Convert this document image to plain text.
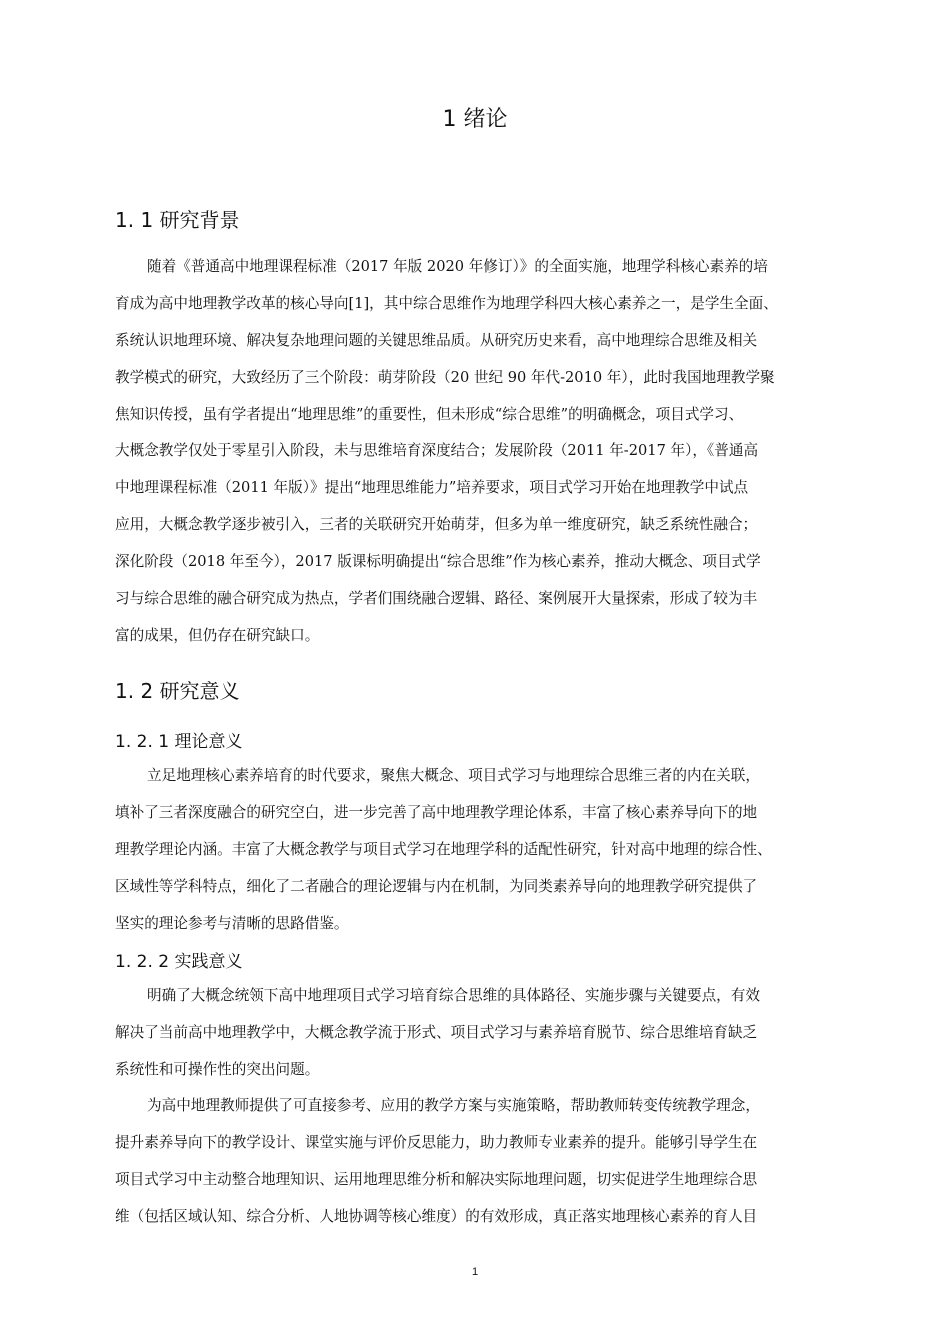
1 绪论
1. 1 研究背景
随着《普通高中地理课程标准（2017 年版 2020 年修订）》的全面实施，地理学科核心素养的培
育成为高中地理教学改革的核心导向[1]，其中综合思维作为地理学科四大核心素养之一，是学生全面、
系统认识地理环境、解决复杂地理问题的关键思维品质。从研究历史来看，高中地理综合思维及相关
教学模式的研究，大致经历了三个阶段：萌芽阶段（20 世纪 90 年代-2010 年），此时我国地理教学聚
焦知识传授，虽有学者提出“地理思维”的重要性，但未形成“综合思维”的明确概念，项目式学习、
大概念教学仅处于零星引入阶段，未与思维培育深度结合；发展阶段（2011 年-2017 年），《普通高
中地理课程标准（2011 年版）》提出“地理思维能力”培养要求，项目式学习开始在地理教学中试点
应用，大概念教学逐步被引入，三者的关联研究开始萌芽，但多为单一维度研究，缺乏系统性融合；
深化阶段（2018 年至今），2017 版课标明确提出“综合思维”作为核心素养，推动大概念、项目式学
习与综合思维的融合研究成为热点，学者们围绕融合逻辑、路径、案例展开大量探索，形成了较为丰
富的成果，但仍存在研究缺口。
1. 2 研究意义
1. 2. 1 理论意义
立足地理核心素养培育的时代要求，聚焦大概念、项目式学习与地理综合思维三者的内在关联，
填补了三者深度融合的研究空白，进一步完善了高中地理教学理论体系，丰富了核心素养导向下的地
理教学理论内涵。丰富了大概念教学与项目式学习在地理学科的适配性研究，针对高中地理的综合性、
区域性等学科特点，细化了二者融合的理论逻辑与内在机制，为同类素养导向的地理教学研究提供了
坚实的理论参考与清晰的思路借鉴。
1. 2. 2 实践意义
明确了大概念统领下高中地理项目式学习培育综合思维的具体路径、实施步骤与关键要点，有效
解决了当前高中地理教学中，大概念教学流于形式、项目式学习与素养培育脱节、综合思维培育缺乏
系统性和可操作性的突出问题。
为高中地理教师提供了可直接参考、应用的教学方案与实施策略，帮助教师转变传统教学理念，
提升素养导向下的教学设计、课堂实施与评价反思能力，助力教师专业素养的提升。能够引导学生在
项目式学习中主动整合地理知识、运用地理思维分析和解决实际地理问题，切实促进学生地理综合思
维（包括区域认知、综合分析、人地协调等核心维度）的有效形成，真正落实地理核心素养的育人目
1
